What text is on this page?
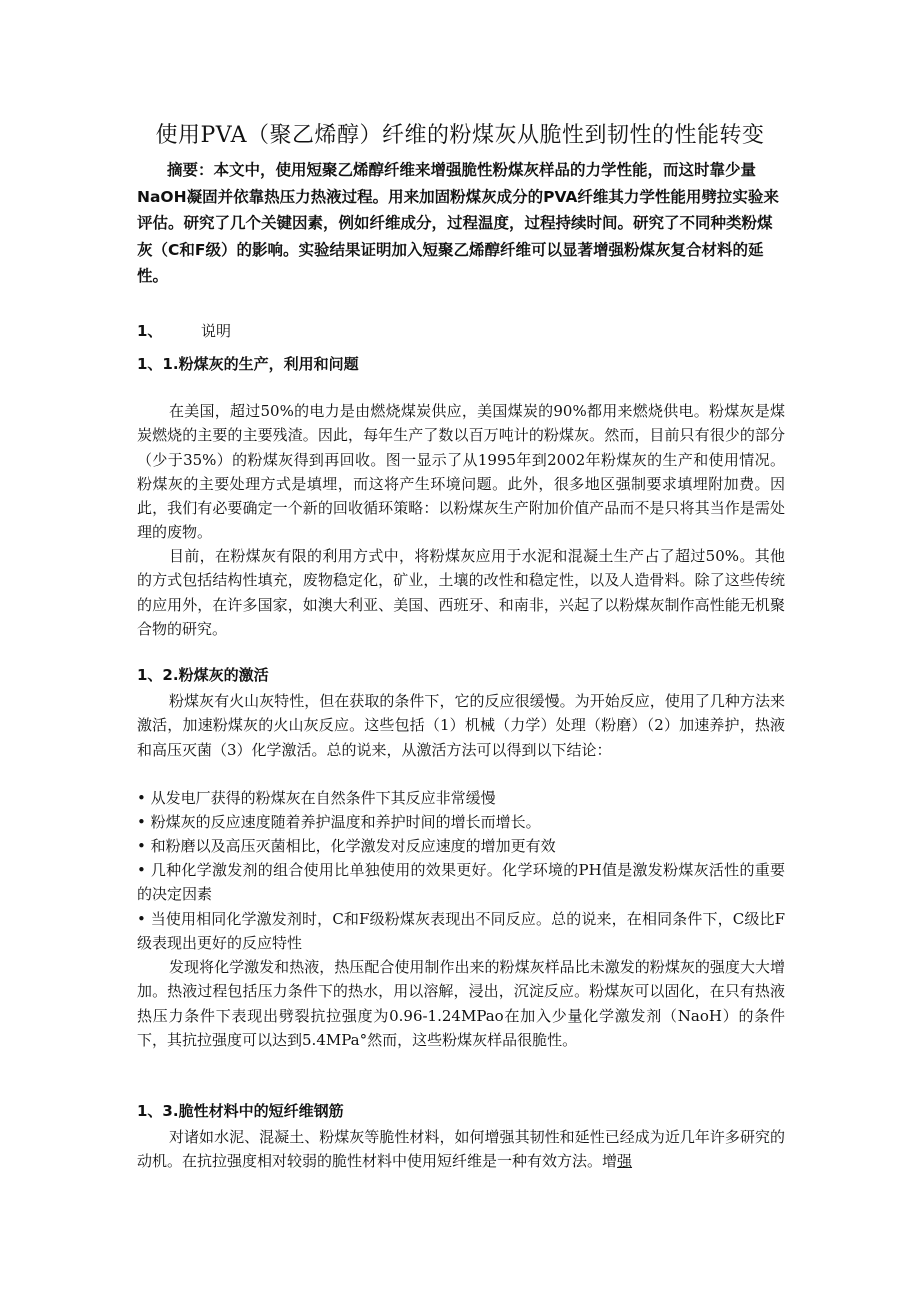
使用PVA（聚乙烯醇）纤维的粉煤灰从脆性到韧性的性能转变

摘要：本文中，使用短聚乙烯醇纤维来增强脆性粉煤灰样品的力学性能，而这时靠少量NaOH凝固并依靠热压力热液过程。用来加固粉煤灰成分的PVA纤维其力学性能用劈拉实验来评估。研究了几个关键因素，例如纤维成分，过程温度，过程持续时间。研究了不同种类粉煤灰（C和F级）的影响。实验结果证明加入短聚乙烯醇纤维可以显著增强粉煤灰复合材料的延性。

1、	说明
1、1.粉煤灰的生产，利用和问题

在美国，超过50%的电力是由燃烧煤炭供应，美国煤炭的90%都用来燃烧供电。粉煤灰是煤炭燃烧的主要的主要残渣。因此，每年生产了数以百万吨计的粉煤灰。然而，目前只有很少的部分（少于35%）的粉煤灰得到再回收。图一显示了从1995年到2002年粉煤灰的生产和使用情况。粉煤灰的主要处理方式是填埋，而这将产生环境问题。此外，很多地区强制要求填埋附加费。因此，我们有必要确定一个新的回收循环策略：以粉煤灰生产附加价值产品而不是只将其当作是需处理的废物。

目前，在粉煤灰有限的利用方式中，将粉煤灰应用于水泥和混凝土生产占了超过50%。其他的方式包括结构性填充，废物稳定化，矿业，土壤的改性和稳定性，以及人造骨料。除了这些传统的应用外，在许多国家，如澳大利亚、美国、西班牙、和南非，兴起了以粉煤灰制作高性能无机聚合物的研究。

1、2.粉煤灰的激活

粉煤灰有火山灰特性，但在获取的条件下，它的反应很缓慢。为开始反应，使用了几种方法来激活，加速粉煤灰的火山灰反应。这些包括（1）机械（力学）处理（粉磨）（2）加速养护，热液和高压灭菌（3）化学激活。总的说来，从激活方法可以得到以下结论：

• 从发电厂获得的粉煤灰在自然条件下其反应非常缓慢

• 粉煤灰的反应速度随着养护温度和养护时间的增长而增长。

• 和粉磨以及高压灭菌相比，化学激发对反应速度的增加更有效

• 几种化学激发剂的组合使用比单独使用的效果更好。化学环境的PH值是激发粉煤灰活性的重要的决定因素

• 当使用相同化学激发剂时，C和F级粉煤灰表现出不同反应。总的说来，在相同条件下，C级比F级表现出更好的反应特性

发现将化学激发和热液，热压配合使用制作出来的粉煤灰样品比未激发的粉煤灰的强度大大增加。热液过程包括压力条件下的热水，用以溶解，浸出，沉淀反应。粉煤灰可以固化，在只有热液热压力条件下表现出劈裂抗拉强度为0.96-1.24MPao在加入少量化学激发剂（NaoH）的条件下，其抗拉强度可以达到5.4MPa°然而，这些粉煤灰样品很脆性。

1、3.脆性材料中的短纤维钢筋

对诸如水泥、混凝土、粉煤灰等脆性材料，如何增强其韧性和延性已经成为近几年许多研究的动机。在抗拉强度相对较弱的脆性材料中使用短纤维是一种有效方法。增强
